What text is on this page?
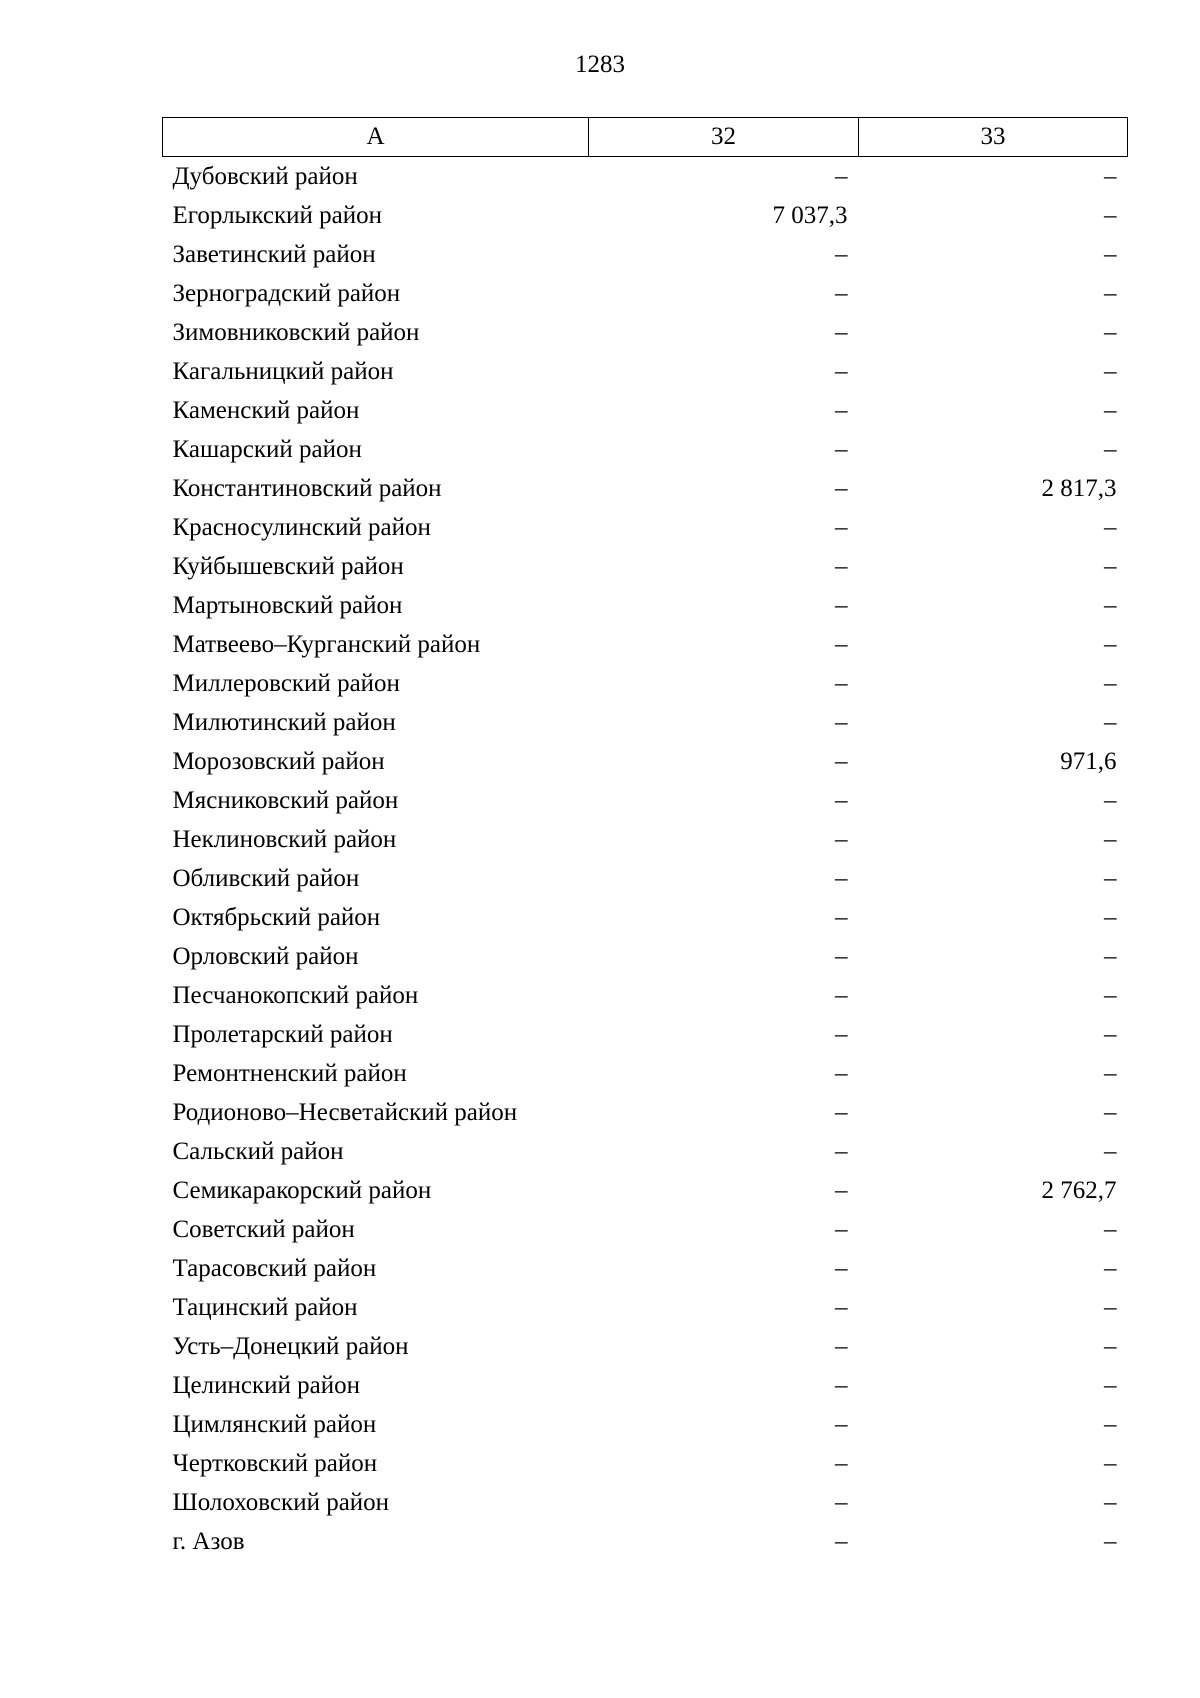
1283
А	32	33
Дубовский район	–	–
Егорлыкский район	7 037,3	–
Заветинский район	–	–
Зерноградский район	–	–
Зимовниковский район	–	–
Кагальницкий район	–	–
Каменский район	–	–
Кашарский район	–	–
Константиновский район	–	2 817,3
Красносулинский район	–	–
Куйбышевский район	–	–
Мартыновский район	–	–
Матвеево–Курганский район	–	–
Миллеровский район	–	–
Милютинский район	–	–
Морозовский район	–	971,6
Мясниковский район	–	–
Неклиновский район	–	–
Обливский район	–	–
Октябрьский район	–	–
Орловский район	–	–
Песчанокопский район	–	–
Пролетарский район	–	–
Ремонтненский район	–	–
Родионово–Несветайский район	–	–
Сальский район	–	–
Семикаракорский район	–	2 762,7
Советский район	–	–
Тарасовский район	–	–
Тацинский район	–	–
Усть–Донецкий район	–	–
Целинский район	–	–
Цимлянский район	–	–
Чертковский район	–	–
Шолоховский район	–	–
г. Азов	–	–
